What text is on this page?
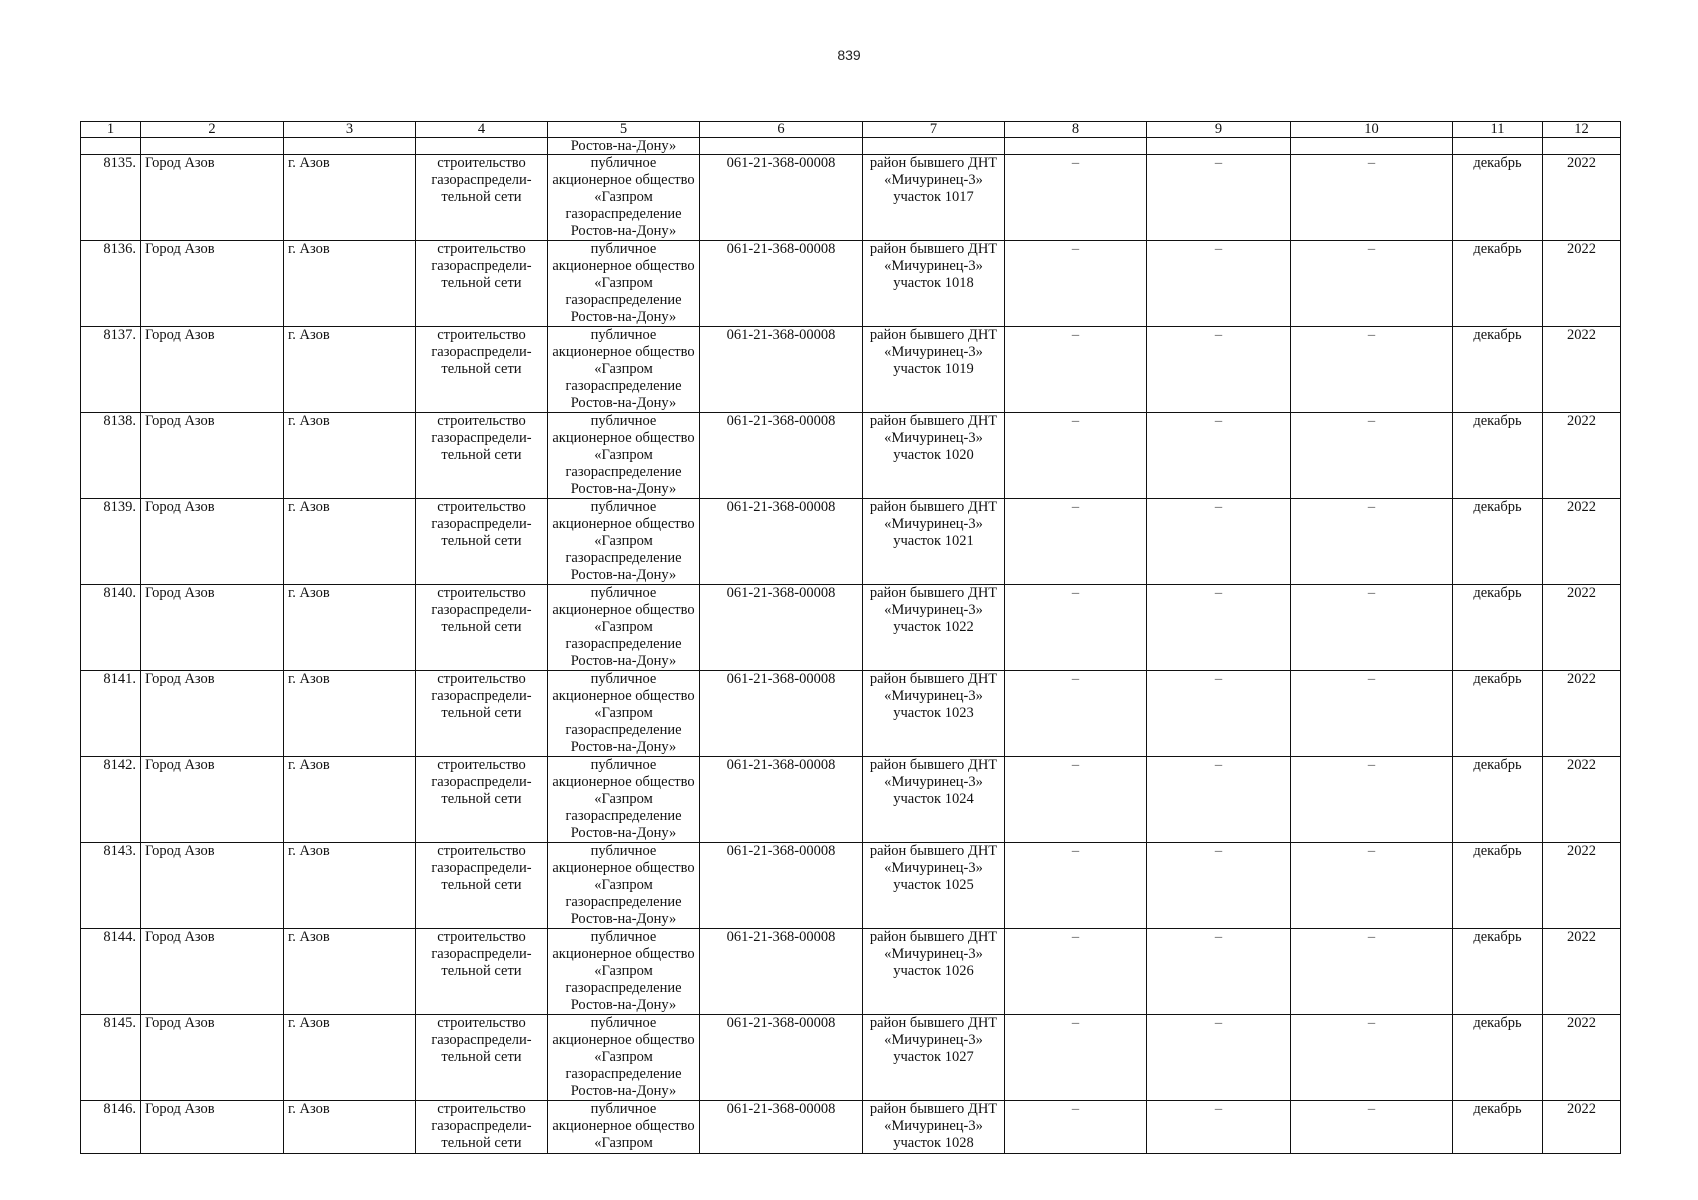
839
1	2	3	4	5	6	7	8	9	10	11	12
				Ростов-на-Дону»							
8135.	Город Азов	г. Азов	строительство газораспредели-тельной сети	публичное акционерное общество «Газпром газораспределение Ростов-на-Дону»	061-21-368-00008	район бывшего ДНТ «Мичуринец-3» участок 1017	–	–	–	декабрь	2022
8136.	Город Азов	г. Азов	строительство газораспредели-тельной сети	публичное акционерное общество «Газпром газораспределение Ростов-на-Дону»	061-21-368-00008	район бывшего ДНТ «Мичуринец-3» участок 1018	–	–	–	декабрь	2022
8137.	Город Азов	г. Азов	строительство газораспредели-тельной сети	публичное акционерное общество «Газпром газораспределение Ростов-на-Дону»	061-21-368-00008	район бывшего ДНТ «Мичуринец-3» участок 1019	–	–	–	декабрь	2022
8138.	Город Азов	г. Азов	строительство газораспредели-тельной сети	публичное акционерное общество «Газпром газораспределение Ростов-на-Дону»	061-21-368-00008	район бывшего ДНТ «Мичуринец-3» участок 1020	–	–	–	декабрь	2022
8139.	Город Азов	г. Азов	строительство газораспредели-тельной сети	публичное акционерное общество «Газпром газораспределение Ростов-на-Дону»	061-21-368-00008	район бывшего ДНТ «Мичуринец-3» участок 1021	–	–	–	декабрь	2022
8140.	Город Азов	г. Азов	строительство газораспредели-тельной сети	публичное акционерное общество «Газпром газораспределение Ростов-на-Дону»	061-21-368-00008	район бывшего ДНТ «Мичуринец-3» участок 1022	–	–	–	декабрь	2022
8141.	Город Азов	г. Азов	строительство газораспредели-тельной сети	публичное акционерное общество «Газпром газораспределение Ростов-на-Дону»	061-21-368-00008	район бывшего ДНТ «Мичуринец-3» участок 1023	–	–	–	декабрь	2022
8142.	Город Азов	г. Азов	строительство газораспредели-тельной сети	публичное акционерное общество «Газпром газораспределение Ростов-на-Дону»	061-21-368-00008	район бывшего ДНТ «Мичуринец-3» участок 1024	–	–	–	декабрь	2022
8143.	Город Азов	г. Азов	строительство газораспредели-тельной сети	публичное акционерное общество «Газпром газораспределение Ростов-на-Дону»	061-21-368-00008	район бывшего ДНТ «Мичуринец-3» участок 1025	–	–	–	декабрь	2022
8144.	Город Азов	г. Азов	строительство газораспредели-тельной сети	публичное акционерное общество «Газпром газораспределение Ростов-на-Дону»	061-21-368-00008	район бывшего ДНТ «Мичуринец-3» участок 1026	–	–	–	декабрь	2022
8145.	Город Азов	г. Азов	строительство газораспредели-тельной сети	публичное акционерное общество «Газпром газораспределение Ростов-на-Дону»	061-21-368-00008	район бывшего ДНТ «Мичуринец-3» участок 1027	–	–	–	декабрь	2022
8146.	Город Азов	г. Азов	строительство газораспредели-тельной сети	публичное акционерное общество «Газпром	061-21-368-00008	район бывшего ДНТ «Мичуринец-3» участок 1028	–	–	–	декабрь	2022
